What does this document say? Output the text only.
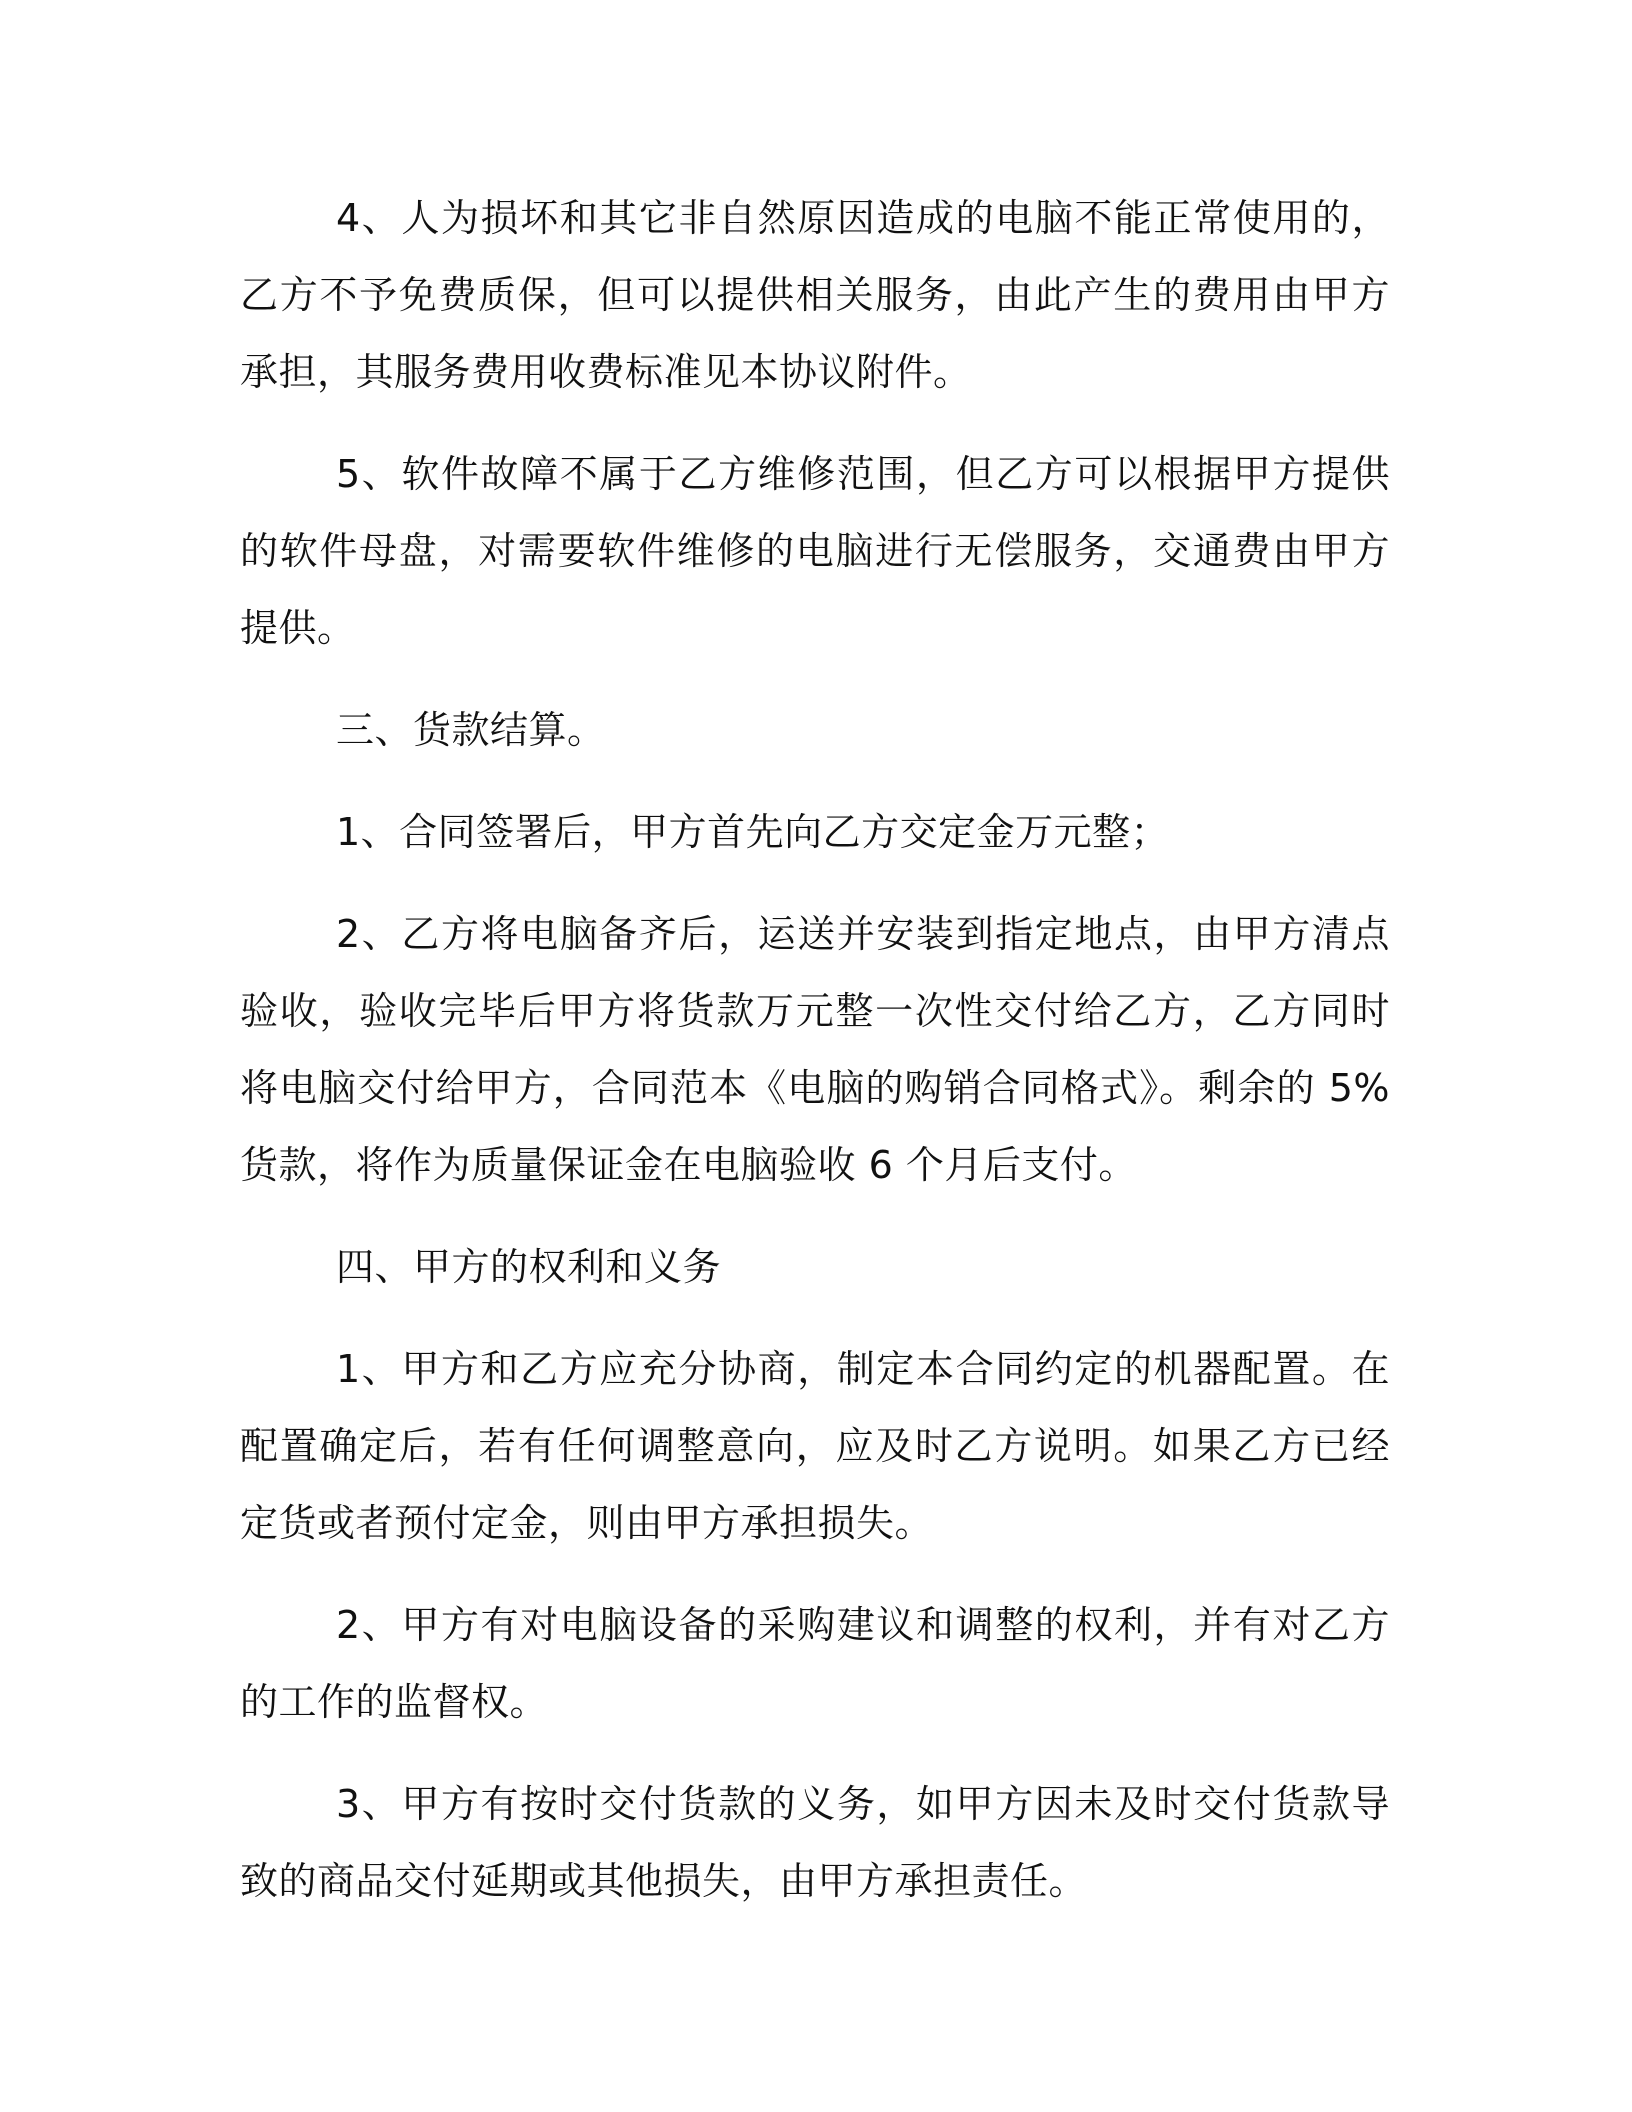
4、人为损坏和其它非自然原因造成的电脑不能正常使用的，乙方不予免费质保，但可以提供相关服务，由此产生的费用由甲方承担，其服务费用收费标准见本协议附件。

5、软件故障不属于乙方维修范围，但乙方可以根据甲方提供的软件母盘，对需要软件维修的电脑进行无偿服务，交通费由甲方提供。

三、货款结算。

1、合同签署后，甲方首先向乙方交定金万元整；

2、乙方将电脑备齐后，运送并安装到指定地点，由甲方清点验收，验收完毕后甲方将货款万元整一次性交付给乙方，乙方同时将电脑交付给甲方，合同范本《电脑的购销合同格式》。剩余的 5%货款，将作为质量保证金在电脑验收 6 个月后支付。

四、甲方的权利和义务

1、甲方和乙方应充分协商，制定本合同约定的机器配置。在配置确定后，若有任何调整意向，应及时乙方说明。如果乙方已经定货或者预付定金，则由甲方承担损失。

2、甲方有对电脑设备的采购建议和调整的权利，并有对乙方的工作的监督权。

3、甲方有按时交付货款的义务，如甲方因未及时交付货款导致的商品交付延期或其他损失，由甲方承担责任。
